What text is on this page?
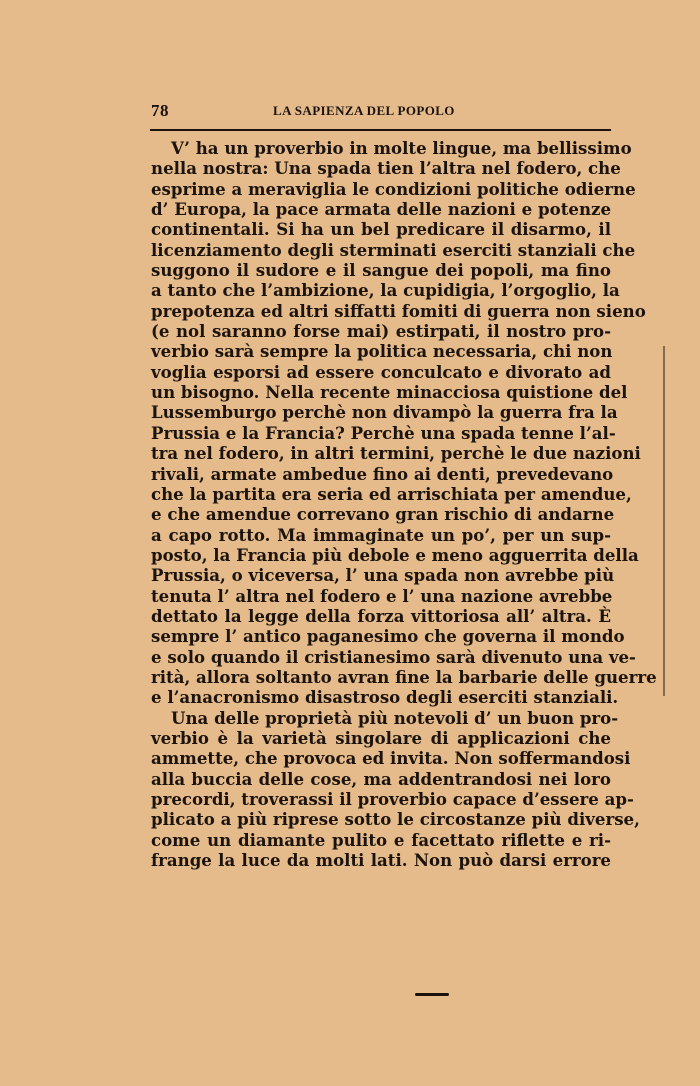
78	LA SAPIENZA DEL POPOLO
V’ ha un proverbio in molte lingue, ma bellissimo
nella nostra: Una spada tien l’altra nel fodero, che
esprime a meraviglia le condizioni politiche odierne
d’ Europa, la pace armata delle nazioni e potenze
continentali. Si ha un bel predicare il disarmo, il
licenziamento degli sterminati eserciti stanziali che
suggono il sudore e il sangue dei popoli, ma fino
a tanto che l’ambizione, la cupidigia, l’orgoglio, la
prepotenza ed altri siffatti fomiti di guerra non sieno
(e nol saranno forse mai) estirpati, il nostro pro-
verbio sarà sempre la politica necessaria, chi non
voglia esporsi ad essere conculcato e divorato ad
un bisogno. Nella recente minacciosa quistione del
Lussemburgo perchè non divampò la guerra fra la
Prussia e la Francia? Perchè una spada tenne l’al-
tra nel fodero, in altri termini, perchè le due nazioni
rivali, armate ambedue fino ai denti, prevedevano
che la partita era seria ed arrischiata per amendue,
e che amendue correvano gran rischio di andarne
a capo rotto. Ma immaginate un po’, per un sup-
posto, la Francia più debole e meno agguerrita della
Prussia, o viceversa, l’ una spada non avrebbe più
tenuta l’ altra nel fodero e l’ una nazione avrebbe
dettato la legge della forza vittoriosa all’ altra. È
sempre l’ antico paganesimo che governa il mondo
e solo quando il cristianesimo sarà divenuto una ve-
rità, allora soltanto avran fine la barbarie delle guerre
e l’anacronismo disastroso degli eserciti stanziali.
Una delle proprietà più notevoli d’ un buon pro-
verbio è la varietà singolare di applicazioni che
ammette, che provoca ed invita. Non soffermandosi
alla buccia delle cose, ma addentrandosi nei loro
precordi, troverassi il proverbio capace d’essere ap-
plicato a più riprese sotto le circostanze più diverse,
come un diamante pulito e facettato riflette e ri-
frange la luce da molti lati. Non può darsi errore
